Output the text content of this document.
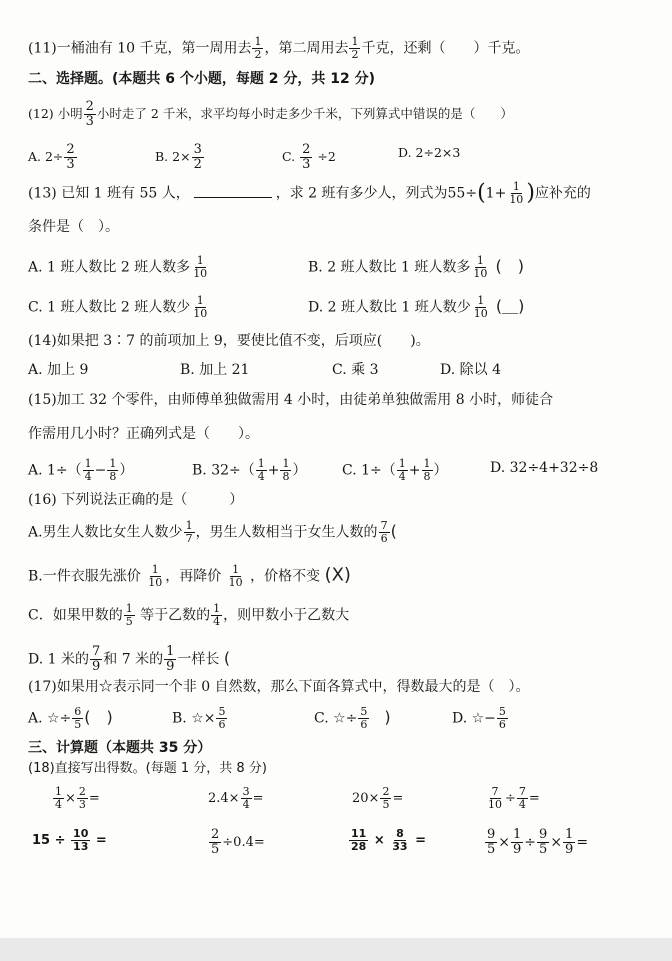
(11)一桶油有 10 千克，第一周用去 $\frac{1}{2}$ ，第二周用去 $\frac{1}{2}$ 千克，还剩（　　）千克。
二、选择题。(本题共 6 个小题，每题 2 分，共 12 分)
(12) 小明 $\frac{2}{3}$ 小时走了 2 千米，求平均每小时走多少千米，下列算式中错误的是（　　）
A. $2\div \frac{2}{3}$	B. $2\times \frac{3}{2}$	C. $\frac{2}{3} \div 2$	D. 2÷2×3
(13) 已知 1 班有 55 人，	，求 2 班有多少人，列式为$55\div(1+ \frac{1}{10}$ )应补充的
条件是（　）。
A. 1 班人数比 2 班人数多 $\frac{1}{10}$	B. 2 班人数比 1 班人数多 $\frac{1}{10}$ (　)
C. 1 班人数比 2 班人数少 $\frac{1}{10}$	D. 2 班人数比 1 班人数少 $\frac{1}{10}$ (＿)
(14)如果把 3∶7 的前项加上 9，要使比值不变，后项应(　　)。
A. 加上 9	B. 加上 21	C. 乘 3	D. 除以 4
(15)加工 32 个零件，由师傅单独做需用 4 小时，由徒弟单独做需用 8 小时，师徒合
作需用几小时？正确列式是（　　）。
A. $1\div( \frac{1}{4} - \frac{1}{8}$ ）	B. $32\div( \frac{1}{4} + \frac{1}{8}$ ）	C. $1\div( \frac{1}{4} + \frac{1}{8}$ ）	D. 32÷4+32÷8
(16) 下列说法正确的是（　　　）
A.男生人数比女生人数少 $\frac{1}{7}$ ，男生人数相当于女生人数的 $\frac{7}{6}$ (
B.一件衣服先涨价 $\frac{1}{10}$ ，再降价 $\frac{1}{10}$ ，价格不变 (X)
C．如果甲数的 $\frac{1}{5}$ 等于乙数的 $\frac{1}{4}$ ，则甲数小于乙数大
D. 1 米的 $\frac{7}{9}$ 和 7 米的 $\frac{1}{9}$ 一样长 (
(17)如果用☆表示同一个非 0 自然数，那么下面各算式中，得数最大的是（　）。
A. ☆÷ $\frac{6}{5}$ (　)	B. ☆× $\frac{5}{6}$	C. ☆÷ $\frac{5}{6}$
　 )	D. ☆− $\frac{5}{6}$
三、计算题（本题共 35 分）
(18)直接写出得数。(每题 1 分，共 8 分)
$\frac{1}{4} \times \frac{2}{3}$ =	$2.4\times \frac{3}{4}$ =	$20\times \frac{2}{5}$ =	$\frac{7}{10} \div \frac{7}{4}$ =
$15 \div \frac{10}{13}$ =	$\frac{2}{5} \div 0.4=$	$\frac{11}{28} \times \frac{8}{33}$ =	$\frac{9}{5} \times \frac{1}{9} \div \frac{9}{5} \times \frac{1}{9}$ =
